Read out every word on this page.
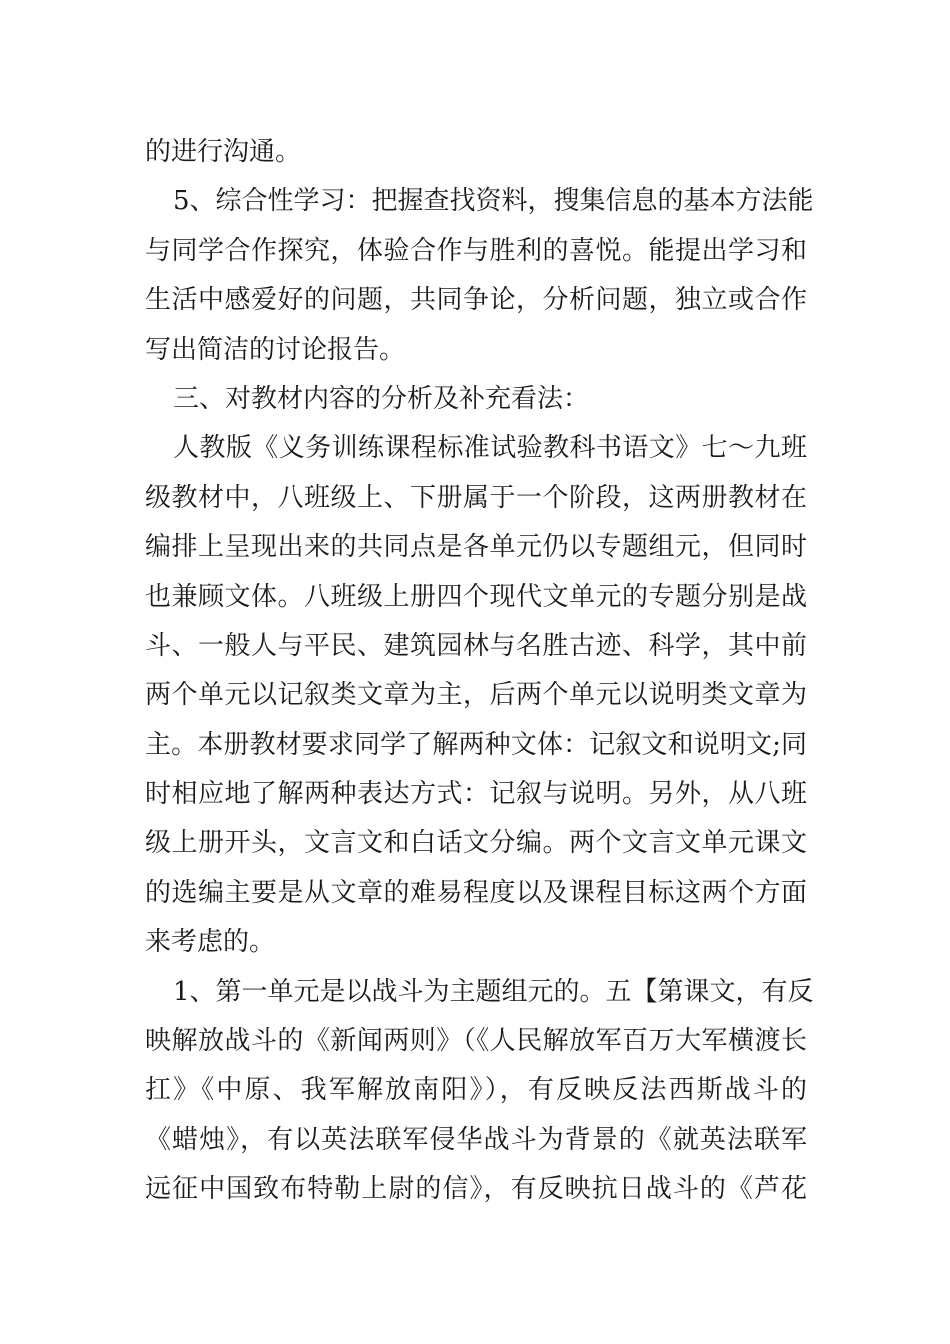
的进行沟通。
5、综合性学习：把握查找资料，搜集信息的基本方法能
与同学合作探究，体验合作与胜利的喜悦。能提出学习和
生活中感爱好的问题，共同争论，分析问题，独立或合作
写出简洁的讨论报告。
三、对教材内容的分析及补充看法：
人教版《义务训练课程标准试验教科书语文》七～九班
级教材中，八班级上、下册属于一个阶段，这两册教材在
编排上呈现出来的共同点是各单元仍以专题组元，但同时
也兼顾文体。八班级上册四个现代文单元的专题分别是战
斗、一般人与平民、建筑园林与名胜古迹、科学，其中前
两个单元以记叙类文章为主，后两个单元以说明类文章为
主。本册教材要求同学了解两种文体：记叙文和说明文;同
时相应地了解两种表达方式：记叙与说明。另外，从八班
级上册开头，文言文和白话文分编。两个文言文单元课文
的选编主要是从文章的难易程度以及课程目标这两个方面
来考虑的。
1、第一单元是以战斗为主题组元的。五【第课文，有反
映解放战斗的《新闻两则》（《人民解放军百万大军横渡长
扛》《中原、我军解放南阳》），有反映反法西斯战斗的
《蜡烛》，有以英法联军侵华战斗为背景的《就英法联军
远征中国致布特勒上尉的信》，有反映抗日战斗的《芦花
